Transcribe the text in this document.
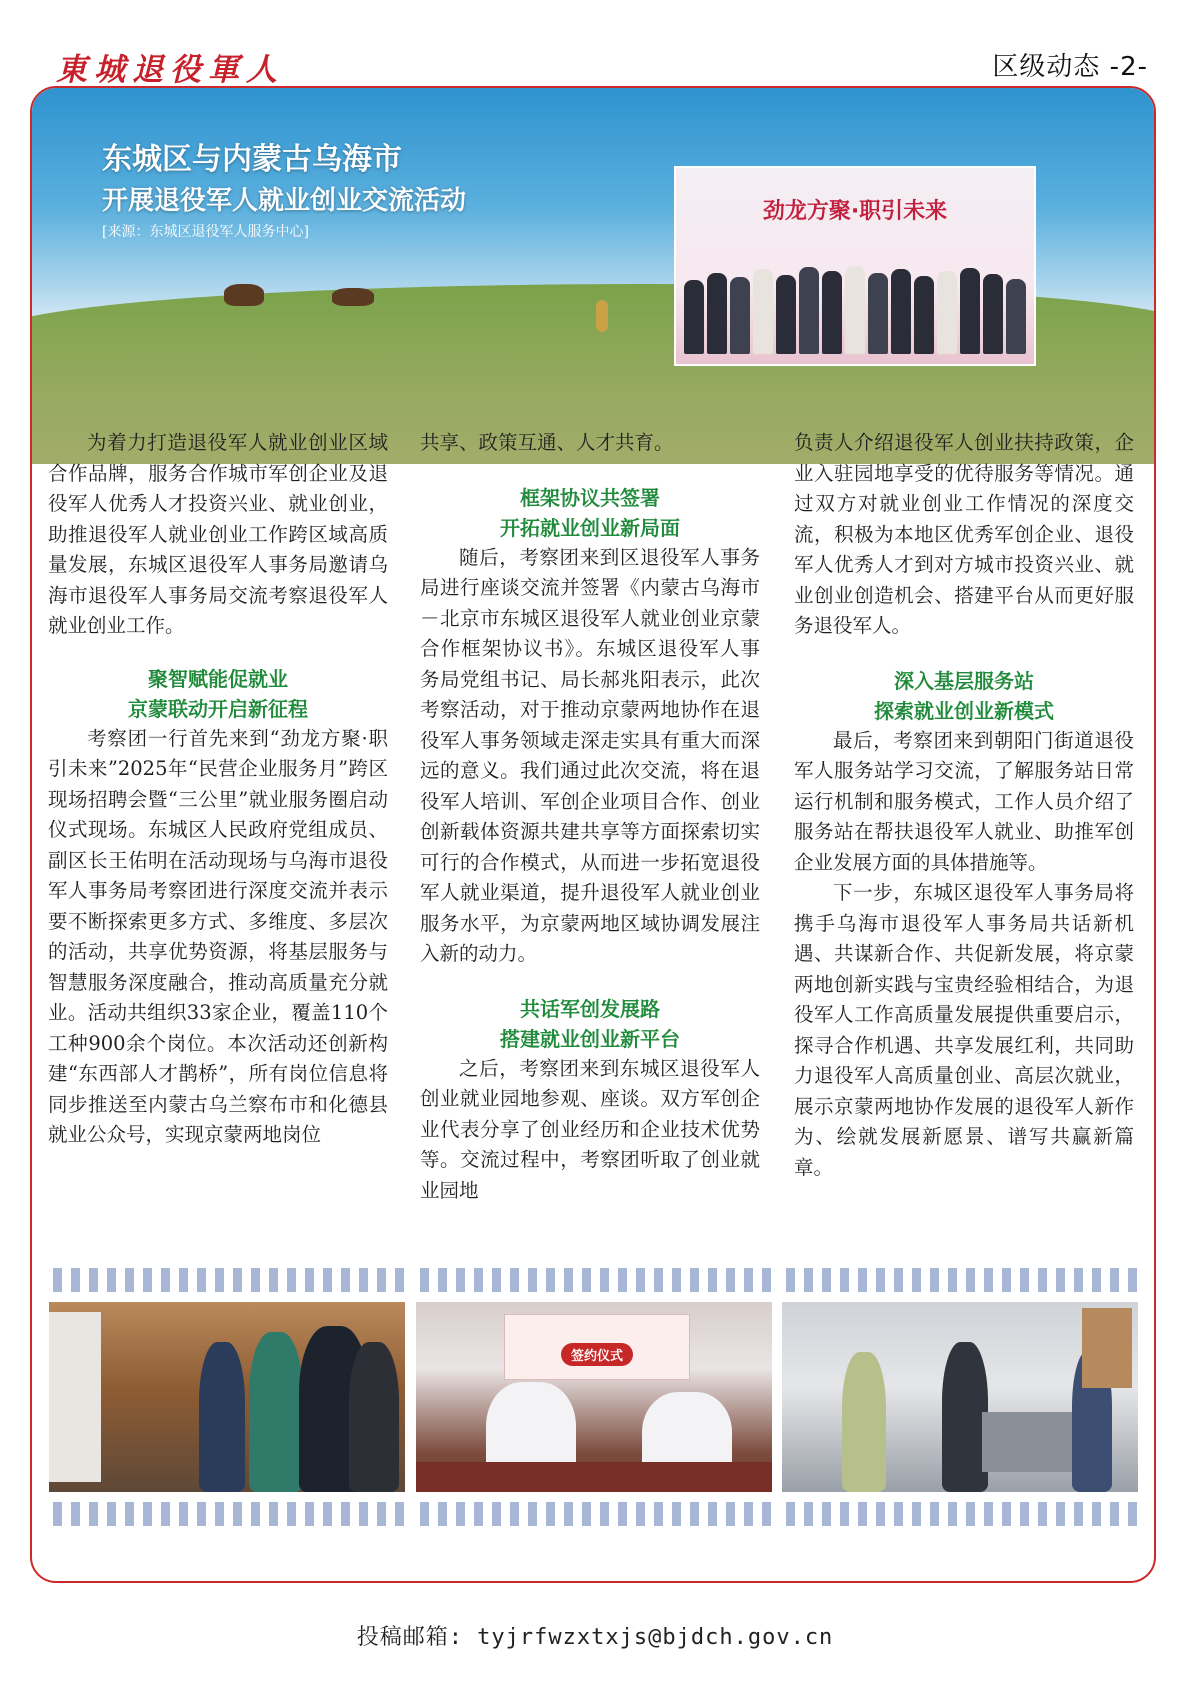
東城退役軍人	区级动态 -2-
东城区与内蒙古乌海市
开展退役军人就业创业交流活动
[来源：东城区退役军人服务中心]
劲龙方聚·职引未来

为着力打造退役军人就业创业区域合作品牌，服务合作城市军创企业及退役军人优秀人才投资兴业、就业创业，助推退役军人就业创业工作跨区域高质量发展，东城区退役军人事务局邀请乌海市退役军人事务局交流考察退役军人就业创业工作。

聚智赋能促就业
京蒙联动开启新征程

考察团一行首先来到“劲龙方聚·职引未来”2025年“民营企业服务月”跨区现场招聘会暨“三公里”就业服务圈启动仪式现场。东城区人民政府党组成员、副区长王佑明在活动现场与乌海市退役军人事务局考察团进行深度交流并表示要不断探索更多方式、多维度、多层次的活动，共享优势资源，将基层服务与智慧服务深度融合，推动高质量充分就业。活动共组织33家企业，覆盖110个工种900余个岗位。本次活动还创新构建“东西部人才鹊桥”，所有岗位信息将同步推送至内蒙古乌兰察布市和化德县就业公众号，实现京蒙两地岗位

共享、政策互通、人才共育。

框架协议共签署
开拓就业创业新局面

随后，考察团来到区退役军人事务局进行座谈交流并签署《内蒙古乌海市－北京市东城区退役军人就业创业京蒙合作框架协议书》。东城区退役军人事务局党组书记、局长郝兆阳表示，此次考察活动，对于推动京蒙两地协作在退役军人事务领域走深走实具有重大而深远的意义。我们通过此次交流，将在退役军人培训、军创企业项目合作、创业创新载体资源共建共享等方面探索切实可行的合作模式，从而进一步拓宽退役军人就业渠道，提升退役军人就业创业服务水平，为京蒙两地区域协调发展注入新的动力。

共话军创发展路
搭建就业创业新平台

之后，考察团来到东城区退役军人创业就业园地参观、座谈。双方军创企业代表分享了创业经历和企业技术优势等。交流过程中，考察团听取了创业就业园地

负责人介绍退役军人创业扶持政策，企业入驻园地享受的优待服务等情况。通过双方对就业创业工作情况的深度交流，积极为本地区优秀军创企业、退役军人优秀人才到对方城市投资兴业、就业创业创造机会、搭建平台从而更好服务退役军人。

深入基层服务站
探索就业创业新模式

最后，考察团来到朝阳门街道退役军人服务站学习交流，了解服务站日常运行机制和服务模式，工作人员介绍了服务站在帮扶退役军人就业、助推军创企业发展方面的具体措施等。

下一步，东城区退役军人事务局将携手乌海市退役军人事务局共话新机遇、共谋新合作、共促新发展，将京蒙两地创新实践与宝贵经验相结合，为退役军人工作高质量发展提供重要启示，探寻合作机遇、共享发展红利，共同助力退役军人高质量创业、高层次就业，展示京蒙两地协作发展的退役军人新作为、绘就发展新愿景、谱写共赢新篇章。

签约仪式
投稿邮箱: tyjrfwzxtxjs@bjdch.gov.cn
